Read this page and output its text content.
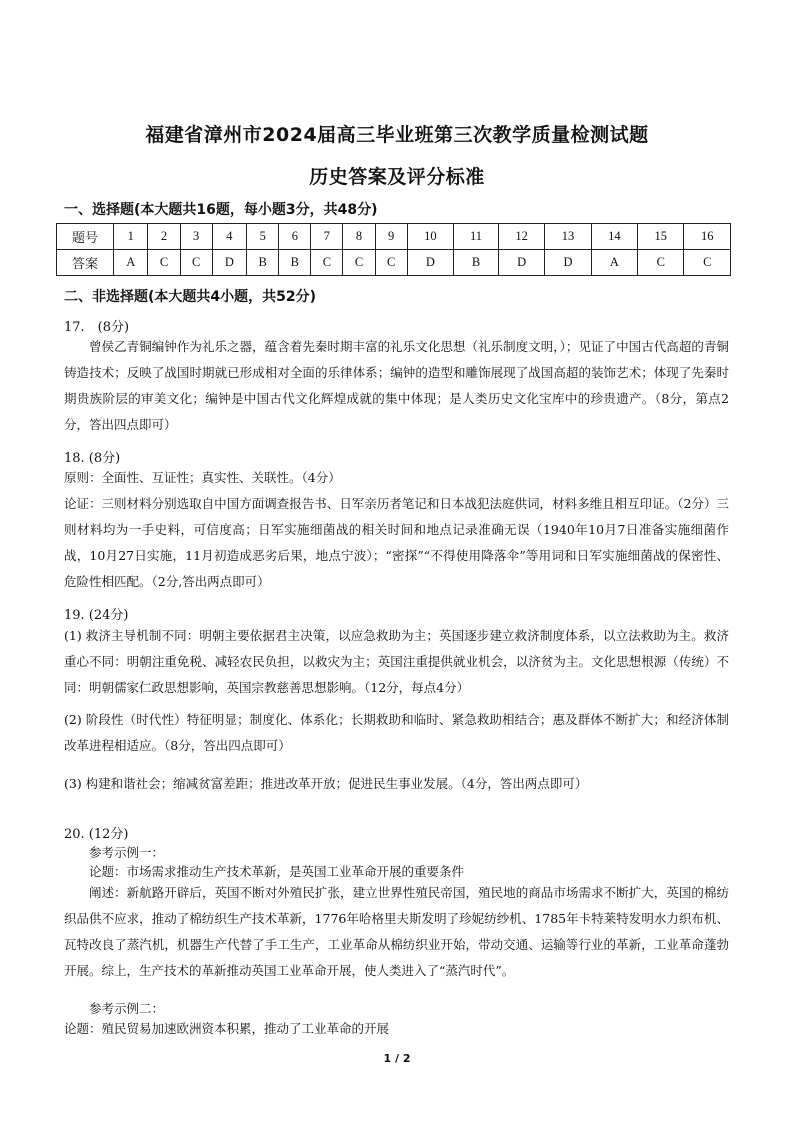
福建省漳州市2024届高三毕业班第三次教学质量检测试题
历史答案及评分标准
一、选择题(本大题共16题，每小题3分，共48分)
题号	1	2	3	4	5	6	7	8	9	10	11	12	13	14	15	16
答案	A	C	C	D	B	B	C	C	C	D	B	D	D	A	C	C
二、非选择题(本大题共4小题，共52分)
17.　(8分)

曾侯乙青铜编钟作为礼乐之器，蕴含着先秦时期丰富的礼乐文化思想（礼乐制度文明，）；见证了中国古代高超的青铜铸造技术；反映了战国时期就已形成相对全面的乐律体系；编钟的造型和雕饰展现了战国高超的装饰艺术；体现了先秦时期贵族阶层的审美文化；编钟是中国古代文化辉煌成就的集中体现；是人类历史文化宝库中的珍贵遗产。（8分，第点2分，答出四点即可）

18. (8分)

原则：全面性、互证性；真实性、关联性。（4分）

论证：三则材料分别选取自中国方面调查报告书、日军亲历者笔记和日本战犯法庭供词，材料多维且相互印证。（2分）三则材料均为一手史料，可信度高；日军实施细菌战的相关时间和地点记录准确无误（1940年10月7日准备实施细菌作战，10月27日实施，11月初造成恶劣后果，地点宁波）；“密探”“不得使用降落伞”等用词和日军实施细菌战的保密性、危险性相匹配。（2分,答出两点即可）

19. (24分)

(1) 救济主导机制不同：明朝主要依据君主决策，以应急救助为主；英国逐步建立救济制度体系，以立法救助为主。救济重心不同：明朝注重免税、减轻农民负担，以救灾为主；英国注重提供就业机会，以济贫为主。文化思想根源（传统）不同：明朝儒家仁政思想影响，英国宗教慈善思想影响。（12分，每点4分）

(2) 阶段性（时代性）特征明显；制度化、体系化；长期救助和临时、紧急救助相结合；惠及群体不断扩大；和经济体制改革进程相适应。（8分，答出四点即可）

(3) 构建和谐社会；缩减贫富差距；推进改革开放；促进民生事业发展。（4分，答出两点即可）

20. (12分)

参考示例一：

论题：市场需求推动生产技术革新，是英国工业革命开展的重要条件

阐述：新航路开辟后，英国不断对外殖民扩张，建立世界性殖民帝国，殖民地的商品市场需求不断扩大，英国的棉纺织品供不应求，推动了棉纺织生产技术革新，1776年哈格里夫斯发明了珍妮纺纱机、1785年卡特莱特发明水力织布机、瓦特改良了蒸汽机，机器生产代替了手工生产，工业革命从棉纺织业开始，带动交通、运输等行业的革新，工业革命蓬勃开展。综上，生产技术的革新推动英国工业革命开展，使人类进入了“蒸汽时代”。

参考示例二：

论题：殖民贸易加速欧洲资本积累，推动了工业革命的开展

1 / 2
